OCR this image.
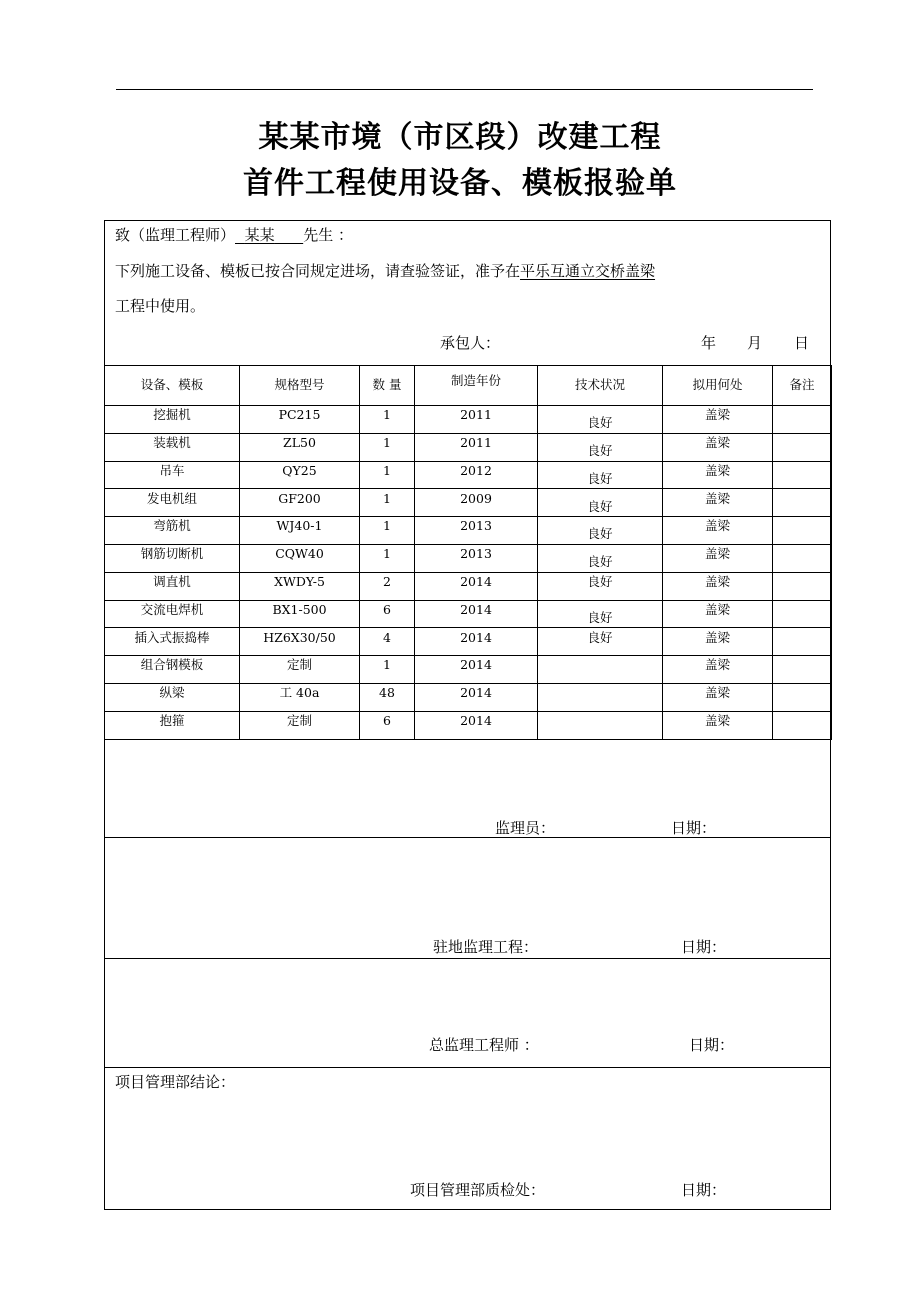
某某市境（市区段）改建工程
首件工程使用设备、模板报验单
致（监理工程师） 某某 先生 ：
下列施工设备、模板已按合同规定进场，请查验签证，准予在平乐互通立交桥盖梁
工程中使用。
承包人：	年 月 日
设备、模板	规格型号	数 量	制造年份	技术状况	拟用何处	备注
挖掘机	PC215	1	2011	良好	盖梁	
装载机	ZL50	1	2011	良好	盖梁	
吊车	QY25	1	2012	良好	盖梁	
发电机组	GF200	1	2009	良好	盖梁	
弯筋机	WJ40-1	1	2013	良好	盖梁	
钢筋切断机	CQW40	1	2013	良好	盖梁	
调直机	XWDY-5	2	2014	良好	盖梁	
交流电焊机	BX1-500	6	2014	良好	盖梁	
插入式振捣棒	HZ6X30/50	4	2014	良好	盖梁	
组合钢模板	定制	1	2014		盖梁	
纵梁	工 40a	48	2014		盖梁	
抱箍	定制	6	2014		盖梁	
监理员：	日期：
驻地监理工程：	日期：
总监理工程师 ：	日期：
项目管理部结论：
项目管理部质检处：	日期：
